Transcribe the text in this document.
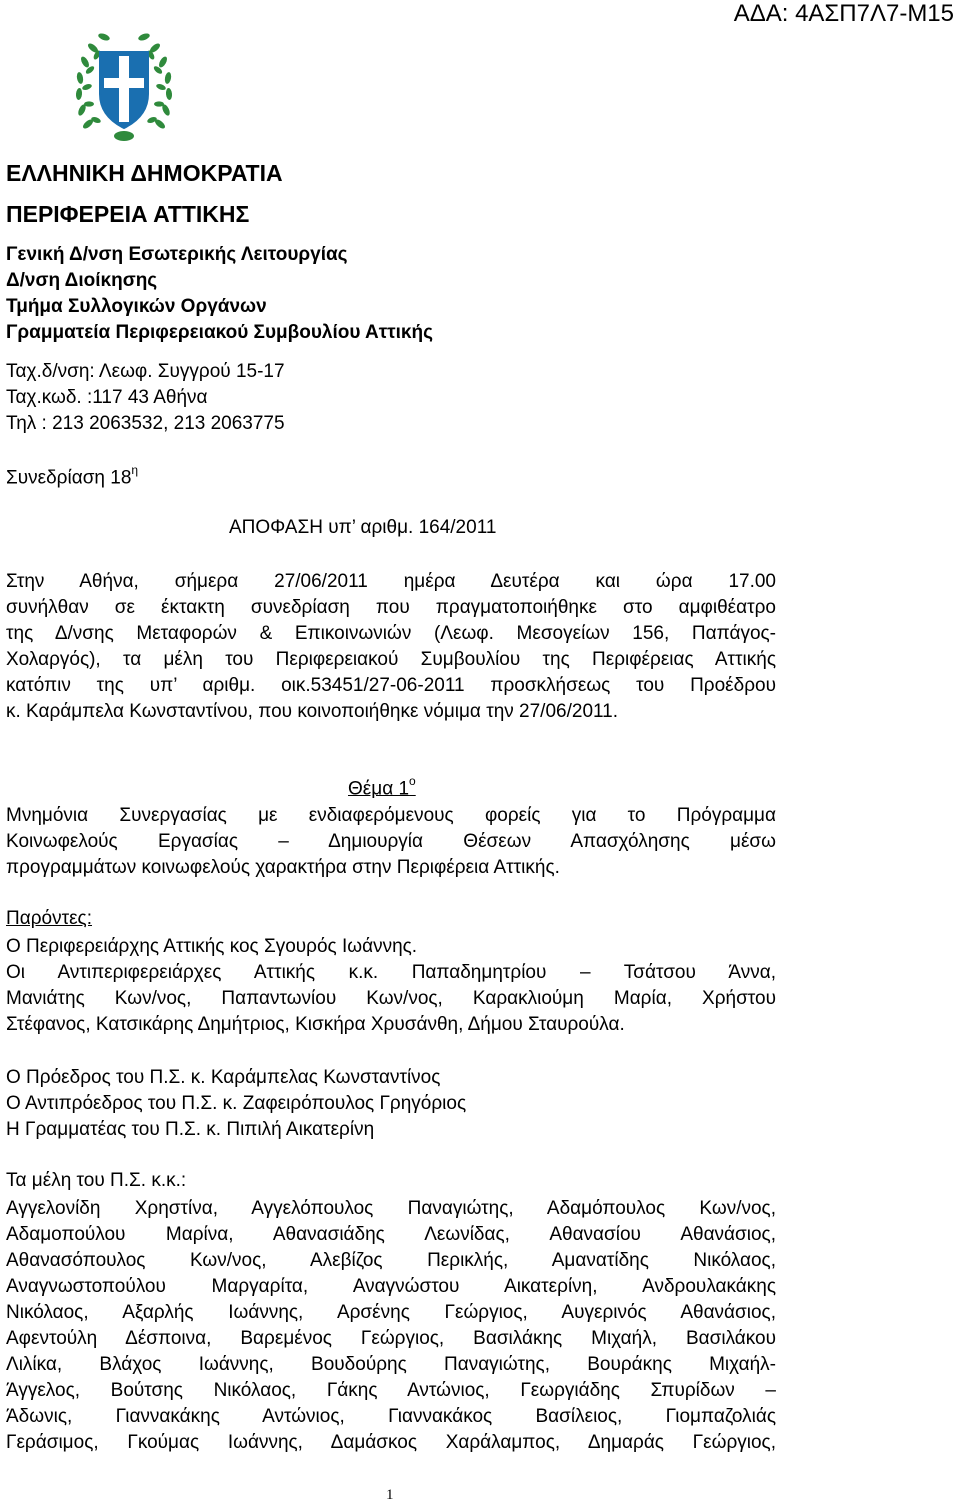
ΑΔΑ: 4ΑΣΠ7Λ7-Μ15
ΕΛΛΗΝΙΚΗ ΔΗΜΟΚΡΑΤΙΑ
ΠΕΡΙΦΕΡΕΙΑ ΑΤΤΙΚΗΣ
Γενική Δ/νση Εσωτερικής Λειτουργίας
Δ/νση Διοίκησης
Τμήμα Συλλογικών Οργάνων
Γραμματεία Περιφερειακού Συμβουλίου Αττικής
Ταχ.δ/νση: Λεωφ. Συγγρού 15-17
Ταχ.κωδ. :117 43 Αθήνα
Τηλ : 213 2063532, 213 2063775
Συνεδρίαση $18^\eta$
ΑΠΟΦΑΣΗ υπ’ αριθμ. 164/2011
Στην Αθήνα, σήμερα 27/06/2011 ημέρα Δευτέρα και ώρα 17.00
συνήλθαν σε έκτακτη συνεδρίαση που πραγματοποιήθηκε στο αμφιθέατρο
της Δ/νσης Μεταφορών & Επικοινωνιών (Λεωφ. Μεσογείων 156, Παπάγος-
Χολαργός), τα μέλη του Περιφερειακού Συμβουλίου της Περιφέρειας Αττικής
κατόπιν της υπ’ αριθμ. οικ.53451/27-06-2011 προσκλήσεως του Προέδρου
κ. Καράμπελα Κωνσταντίνου, που κοινοποιήθηκε νόμιμα την 27/06/2011.
Θέμα $1^o$
Μνημόνια Συνεργασίας με ενδιαφερόμενους φορείς για το Πρόγραμμα
Κοινωφελούς Εργασίας – Δημιουργία Θέσεων Απασχόλησης μέσω
προγραμμάτων κοινωφελούς χαρακτήρα στην Περιφέρεια Αττικής.
Παρόντες:
Ο Περιφερειάρχης Αττικής κος Σγουρός Ιωάννης.
Οι Αντιπεριφερειάρχες Αττικής κ.κ. Παπαδημητρίου – Τσάτσου Άννα,
Μανιάτης Κων/νος, Παπαντωνίου Κων/νος, Καρακλιούμη Μαρία, Χρήστου
Στέφανος, Κατσικάρης Δημήτριος, Κισκήρα Χρυσάνθη, Δήμου Σταυρούλα.
Ο Πρόεδρος του Π.Σ. κ. Καράμπελας Κωνσταντίνος
Ο Αντιπρόεδρος του Π.Σ. κ. Ζαφειρόπουλος Γρηγόριος
Η Γραμματέας του Π.Σ. κ. Πιπιλή Αικατερίνη
Τα μέλη του Π.Σ. κ.κ.:
Αγγελονίδη Χρηστίνα, Αγγελόπουλος Παναγιώτης, Αδαμόπουλος Κων/νος,
Αδαμοπούλου Μαρίνα, Αθανασιάδης Λεωνίδας, Αθανασίου Αθανάσιος,
Αθανασόπουλος Κων/νος, Αλεβίζος Περικλής, Αμανατίδης Νικόλαος,
Αναγνωστοπούλου Μαργαρίτα, Αναγνώστου Αικατερίνη, Ανδρουλακάκης
Νικόλαος, Αξαρλής Ιωάννης, Αρσένης Γεώργιος, Αυγερινός Αθανάσιος,
Αφεντούλη Δέσποινα, Βαρεμένος Γεώργιος, Βασιλάκης Μιχαήλ, Βασιλάκου
Λιλίκα, Βλάχος Ιωάννης, Βουδούρης Παναγιώτης, Βουράκης Μιχαήλ-
Άγγελος, Βούτσης Νικόλαος, Γάκης Αντώνιος, Γεωργιάδης Σπυρίδων –
Άδωνις, Γιαννακάκης Αντώνιος, Γιαννακάκος Βασίλειος, Γιομπαζολιάς
Γεράσιμος, Γκούμας Ιωάννης, Δαμάσκος Χαράλαμπος, Δημαράς Γεώργιος,
1
